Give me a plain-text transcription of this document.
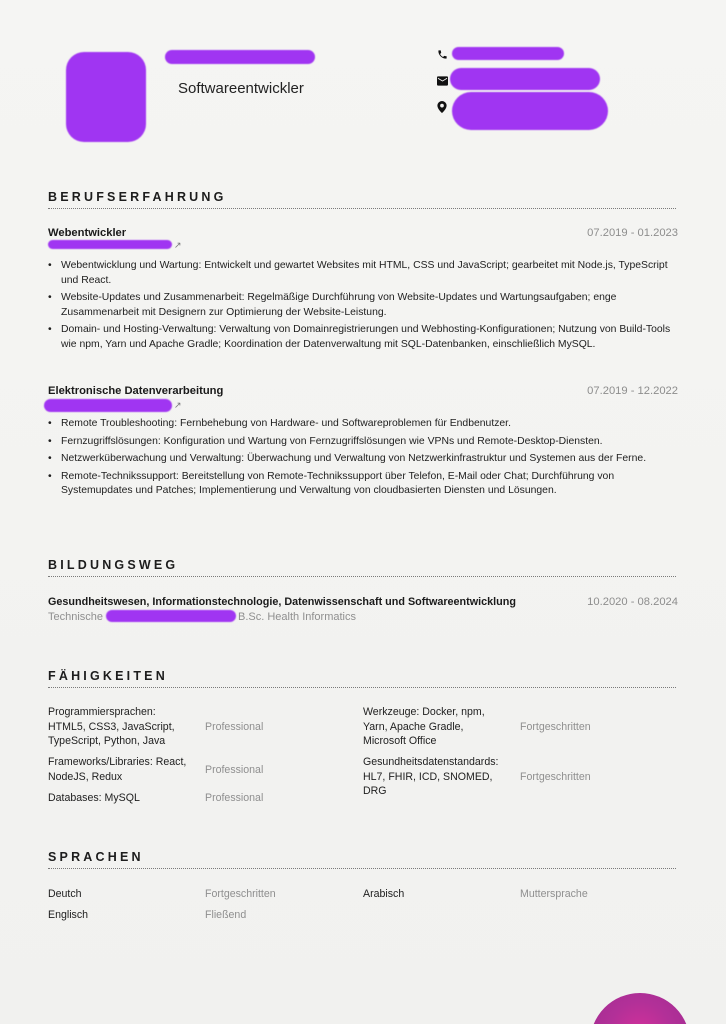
Softwareentwickler
BERUFSERFAHRUNG
Webentwickler	07.2019 - 01.2023
↗
• Webentwicklung und Wartung: Entwickelt und gewartet Websites mit HTML, CSS und JavaScript; gearbeitet mit Node.js, TypeScript und React.
• Website-Updates und Zusammenarbeit: Regelmäßige Durchführung von Website-Updates und Wartungsaufgaben; enge Zusammenarbeit mit Designern zur Optimierung der Website-Leistung.
• Domain- und Hosting-Verwaltung: Verwaltung von Domainregistrierungen und Webhosting-Konfigurationen; Nutzung von Build-Tools wie npm, Yarn und Apache Gradle; Koordination der Datenverwaltung mit SQL-Datenbanken, einschließlich MySQL.
Elektronische Datenverarbeitung	07.2019 - 12.2022
↗
• Remote Troubleshooting: Fernbehebung von Hardware- und Softwareproblemen für Endbenutzer.
• Fernzugriffslösungen: Konfiguration und Wartung von Fernzugriffslösungen wie VPNs und Remote-Desktop-Diensten.
• Netzwerküberwachung und Verwaltung: Überwachung und Verwaltung von Netzwerkinfrastruktur und Systemen aus der Ferne.
• Remote-Technikssupport: Bereitstellung von Remote-Technikssupport über Telefon, E-Mail oder Chat; Durchführung von Systemupdates und Patches; Implementierung und Verwaltung von cloudbasierten Diensten und Lösungen.
BILDUNGSWEG
Gesundheitswesen, Informationstechnologie, Datenwissenschaft und Softwareentwicklung	10.2020 - 08.2024
Technische	B.Sc. Health Informatics
FÄHIGKEITEN
Programmiersprachen:
HTML5, CSS3, JavaScript,
TypeScript, Python, Java
Professional
Frameworks/Libraries: React,
NodeJS, Redux
Professional
Databases: MySQL	Professional
Werkzeuge: Docker, npm,
Yarn, Apache Gradle,
Microsoft Office
Fortgeschritten
Gesundheitsdatenstandards:
HL7, FHIR, ICD, SNOMED,
DRG
Fortgeschritten
SPRACHEN
Deutch	Fortgeschritten	Arabisch	Muttersprache
Englisch	Fließend
